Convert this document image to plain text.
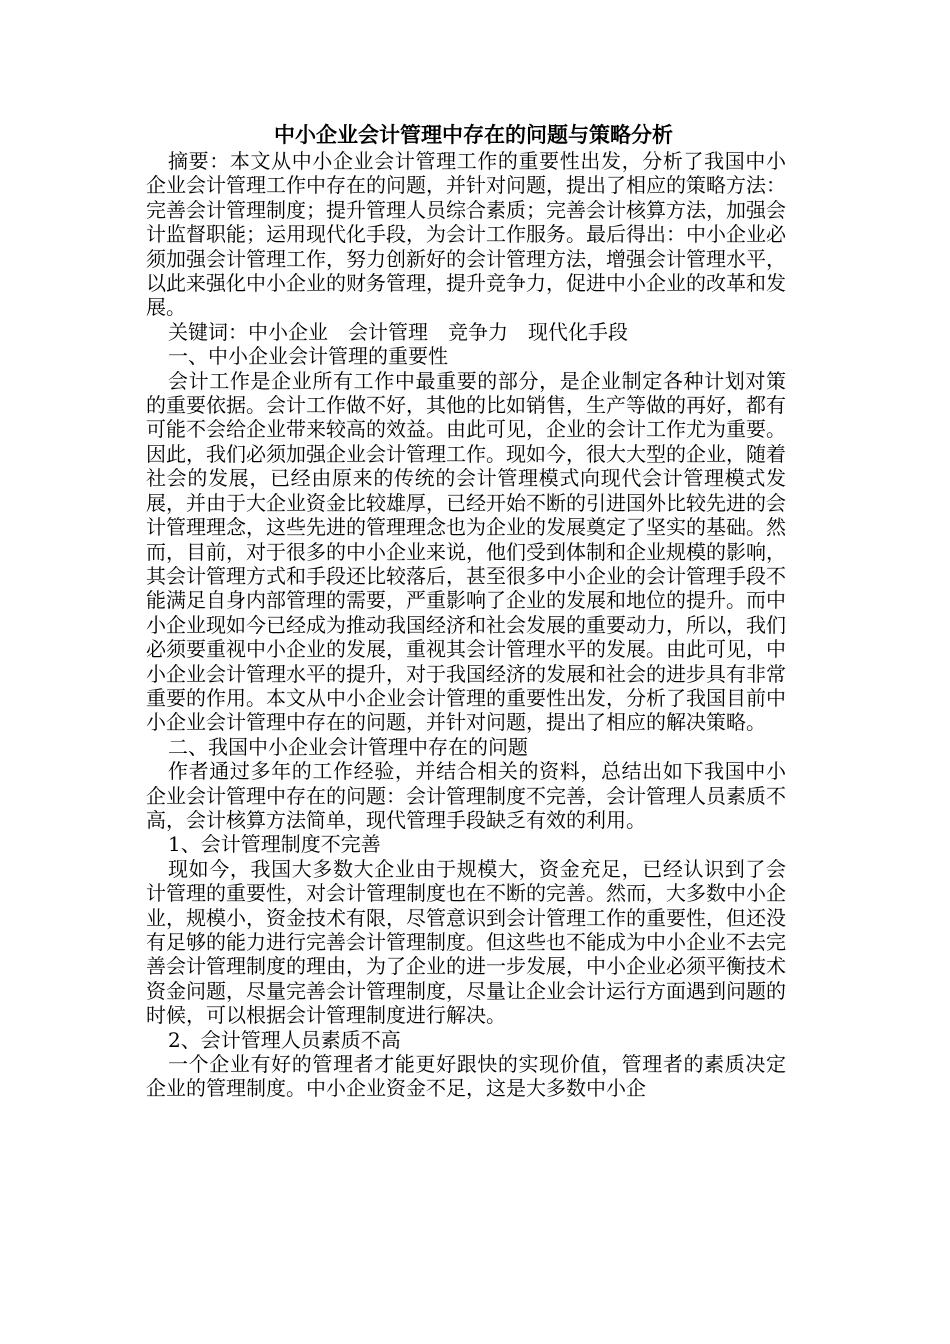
中小企业会计管理中存在的问题与策略分析

摘要：本文从中小企业会计管理工作的重要性出发，分析了我国中小企业会计管理工作中存在的问题，并针对问题，提出了相应的策略方法：完善会计管理制度；提升管理人员综合素质；完善会计核算方法，加强会计监督职能；运用现代化手段，为会计工作服务。最后得出：中小企业必须加强会计管理工作，努力创新好的会计管理方法，增强会计管理水平，以此来强化中小企业的财务管理，提升竞争力，促进中小企业的改革和发展。

关键词：中小企业　会计管理　竞争力　现代化手段

一、中小企业会计管理的重要性

会计工作是企业所有工作中最重要的部分，是企业制定各种计划对策的重要依据。会计工作做不好，其他的比如销售，生产等做的再好，都有可能不会给企业带来较高的效益。由此可见，企业的会计工作尤为重要。因此，我们必须加强企业会计管理工作。现如今，很大大型的企业，随着社会的发展，已经由原来的传统的会计管理模式向现代会计管理模式发展，并由于大企业资金比较雄厚，已经开始不断的引进国外比较先进的会计管理理念，这些先进的管理理念也为企业的发展奠定了坚实的基础。然而，目前，对于很多的中小企业来说，他们受到体制和企业规模的影响，其会计管理方式和手段还比较落后，甚至很多中小企业的会计管理手段不能满足自身内部管理的需要，严重影响了企业的发展和地位的提升。而中小企业现如今已经成为推动我国经济和社会发展的重要动力，所以，我们必须要重视中小企业的发展，重视其会计管理水平的发展。由此可见，中小企业会计管理水平的提升，对于我国经济的发展和社会的进步具有非常重要的作用。本文从中小企业会计管理的重要性出发，分析了我国目前中小企业会计管理中存在的问题，并针对问题，提出了相应的解决策略。

二、我国中小企业会计管理中存在的问题

作者通过多年的工作经验，并结合相关的资料，总结出如下我国中小企业会计管理中存在的问题：会计管理制度不完善，会计管理人员素质不高，会计核算方法简单，现代管理手段缺乏有效的利用。

1、会计管理制度不完善

现如今，我国大多数大企业由于规模大，资金充足，已经认识到了会计管理的重要性，对会计管理制度也在不断的完善。然而，大多数中小企业，规模小，资金技术有限，尽管意识到会计管理工作的重要性，但还没有足够的能力进行完善会计管理制度。但这些也不能成为中小企业不去完善会计管理制度的理由，为了企业的进一步发展，中小企业必须平衡技术资金问题，尽量完善会计管理制度，尽量让企业会计运行方面遇到问题的时候，可以根据会计管理制度进行解决。

2、会计管理人员素质不高

一个企业有好的管理者才能更好跟快的实现价值，管理者的素质决定企业的管理制度。中小企业资金不足，这是大多数中小企
